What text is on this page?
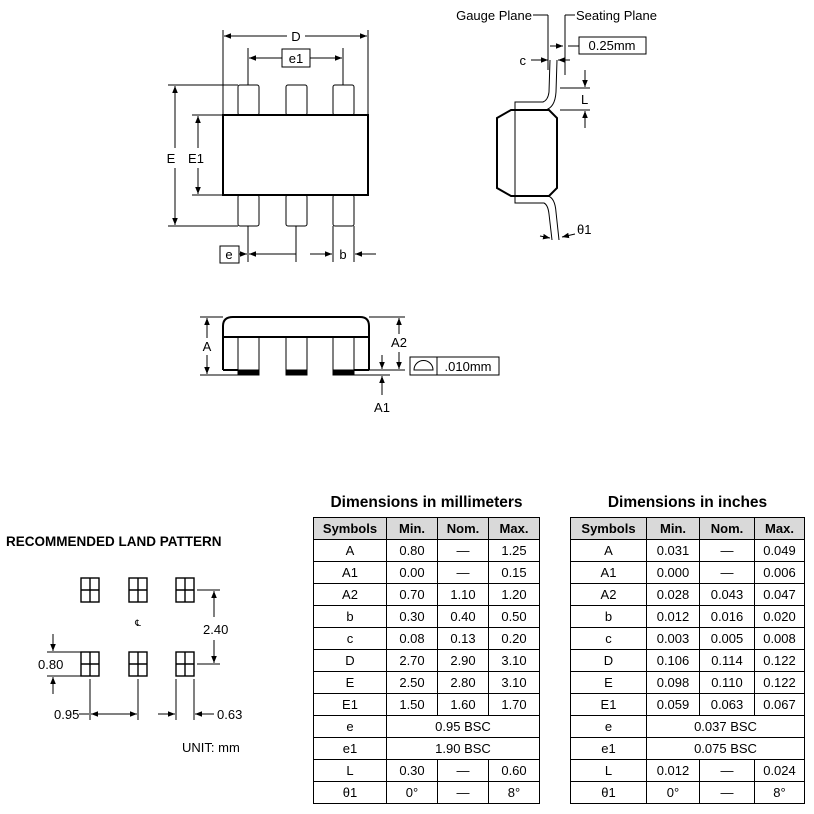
D
e1
E E1
e	b
Gauge Plane	Seating Plane
0.25mm
c
L
θ1
A	A2
A1
.010mm
RECOMMENDED LAND PATTERN
℄	2.40
0.80
0.95	0.63
UNIT: mm
Dimensions in millimeters
Symbols	Min.	Nom.	Max.
A	0.80	—	1.25
A1	0.00	—	0.15
A2	0.70	1.10	1.20
b	0.30	0.40	0.50
c	0.08	0.13	0.20
D	2.70	2.90	3.10
E	2.50	2.80	3.10
E1	1.50	1.60	1.70
e	0.95 BSC		
e1	1.90 BSC		
L	0.30	—	0.60
θ1	0°	—	8°
Dimensions in inches
Symbols	Min.	Nom.	Max.
A	0.031	—	0.049
A1	0.000	—	0.006
A2	0.028	0.043	0.047
b	0.012	0.016	0.020
c	0.003	0.005	0.008
D	0.106	0.114	0.122
E	0.098	0.110	0.122
E1	0.059	0.063	0.067
e	0.037 BSC		
e1	0.075 BSC		
L	0.012	—	0.024
θ1	0°	—	8°
